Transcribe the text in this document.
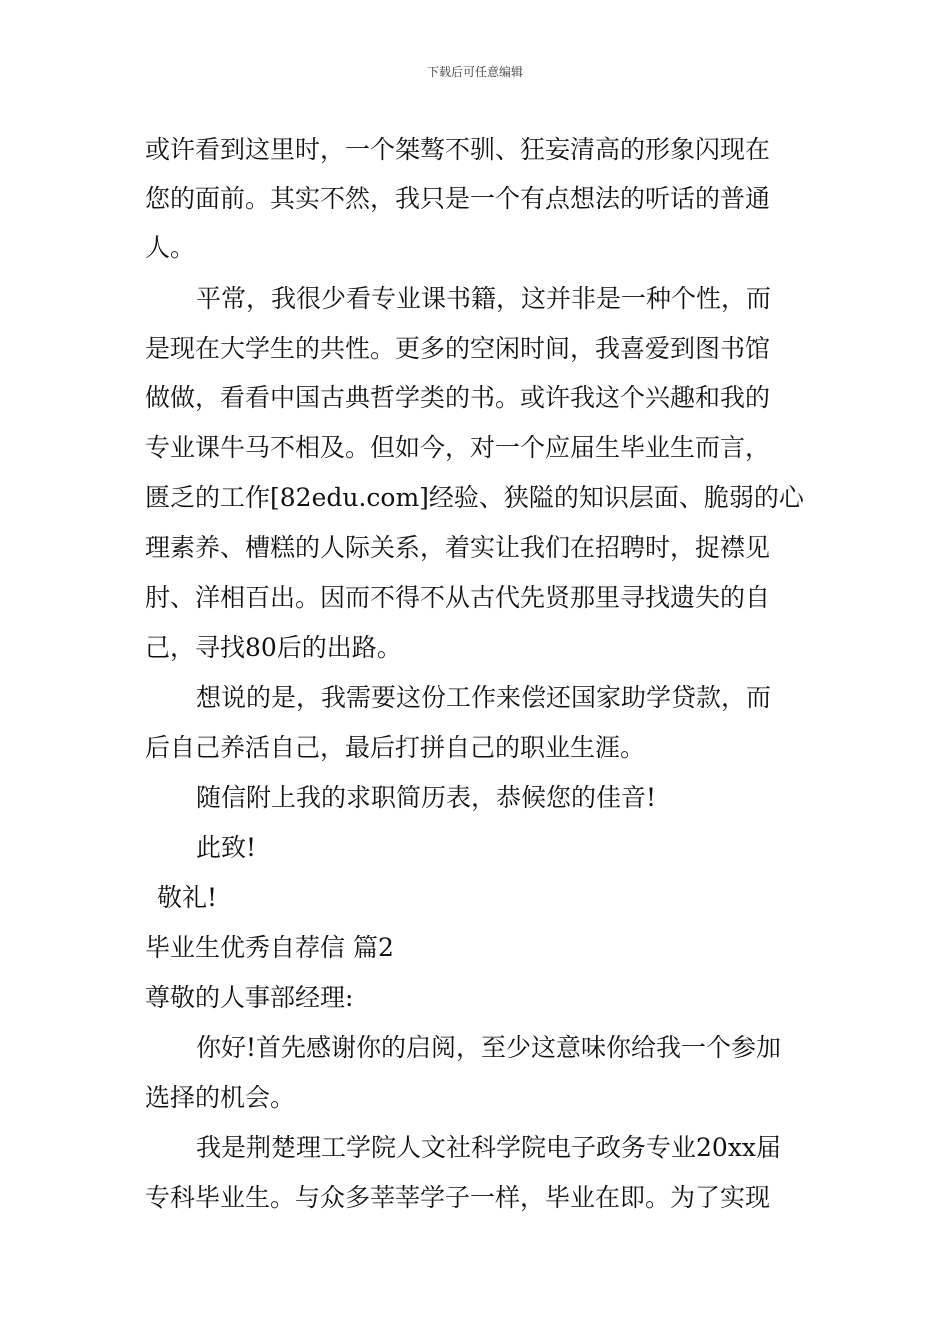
下载后可任意编辑
或许看到这里时，一个桀骜不驯、狂妄清高的形象闪现在
您的面前。其实不然，我只是一个有点想法的听话的普通
人。
平常，我很少看专业课书籍，这并非是一种个性，而
是现在大学生的共性。更多的空闲时间，我喜爱到图书馆
做做，看看中国古典哲学类的书。或许我这个兴趣和我的
专业课牛马不相及。但如今，对一个应届生毕业生而言，
匮乏的工作[82edu.com]经验、狭隘的知识层面、脆弱的心
理素养、槽糕的人际关系，着实让我们在招聘时，捉襟见
肘、洋相百出。因而不得不从古代先贤那里寻找遗失的自
己，寻找80后的出路。
想说的是，我需要这份工作来偿还国家助学贷款，而
后自己养活自己，最后打拼自己的职业生涯。
随信附上我的求职简历表，恭候您的佳音!
此致!
敬礼!
毕业生优秀自荐信 篇2
尊敬的人事部经理:
你好!首先感谢你的启阅，至少这意味你给我一个参加
选择的机会。
我是荆楚理工学院人文社科学院电子政务专业20xx届
专科毕业生。与众多莘莘学子一样，毕业在即。为了实现
